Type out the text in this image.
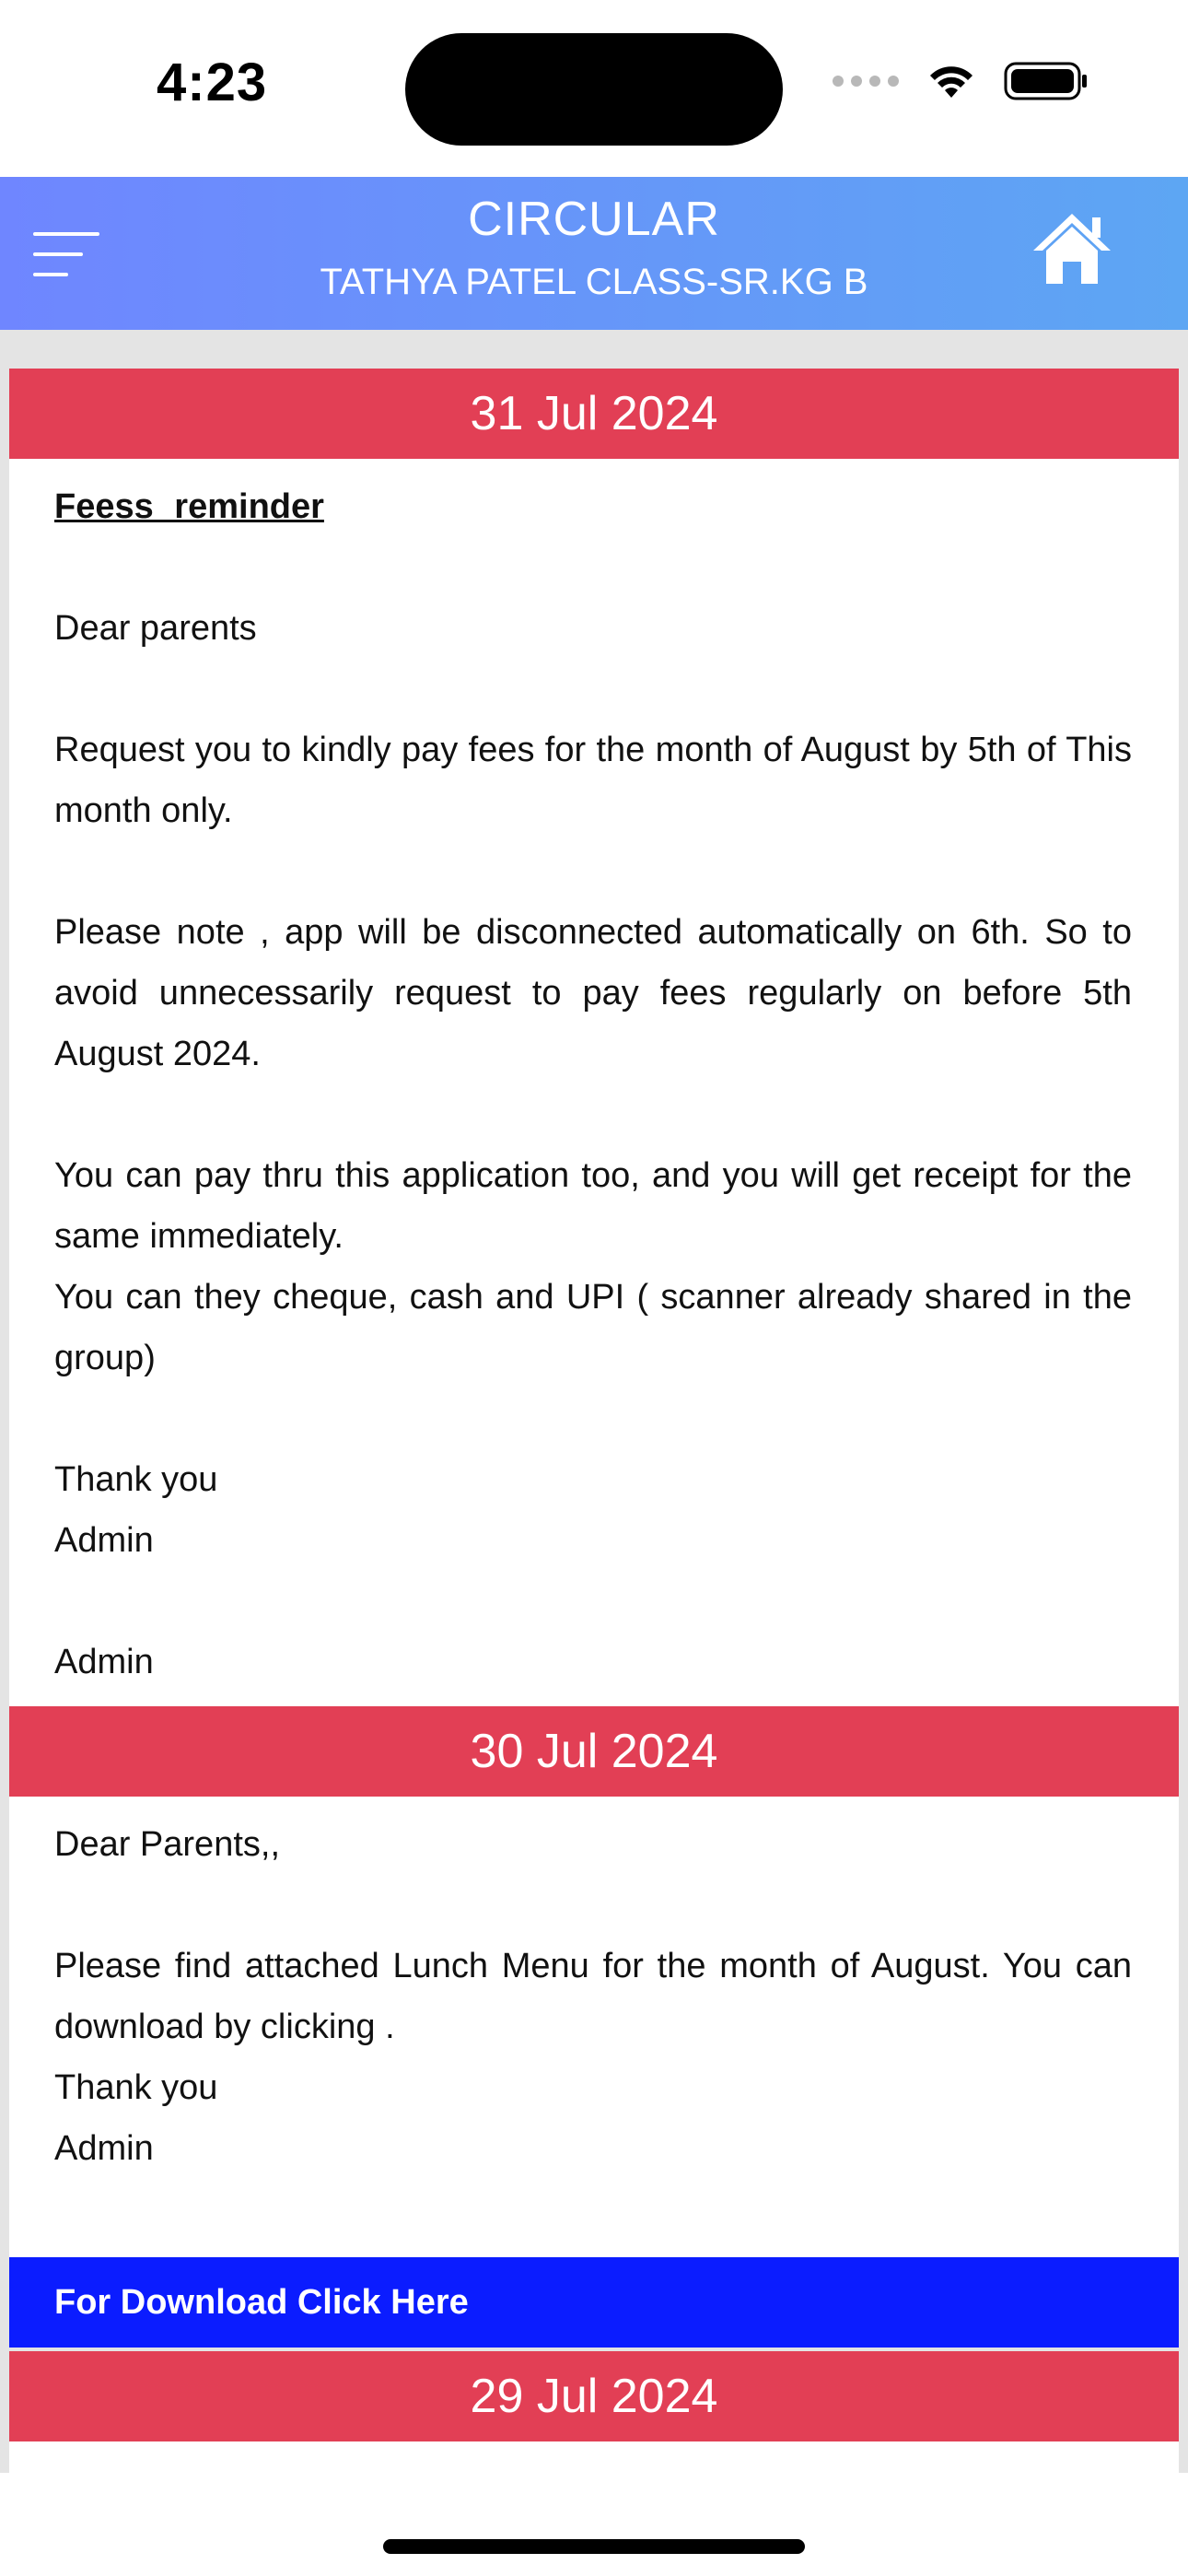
4:23
CIRCULAR
TATHYA PATEL CLASS-SR.KG B
31 Jul 2024

Feess reminder

Dear parents

Request you to kindly pay fees for the month of August by 5th of This month only.

Please note , app will be disconnected automatically on 6th. So to avoid unnecessarily request to pay fees regularly on before 5th August 2024.

You can pay thru this application too, and you will get receipt for the same immediately.

You can they cheque, cash and UPI ( scanner already shared in the group)

Thank you

Admin

Admin

30 Jul 2024

Dear Parents,,

Please find attached Lunch Menu for the month of August. You can download by clicking .

Thank you

Admin

For Download Click Here
29 Jul 2024
